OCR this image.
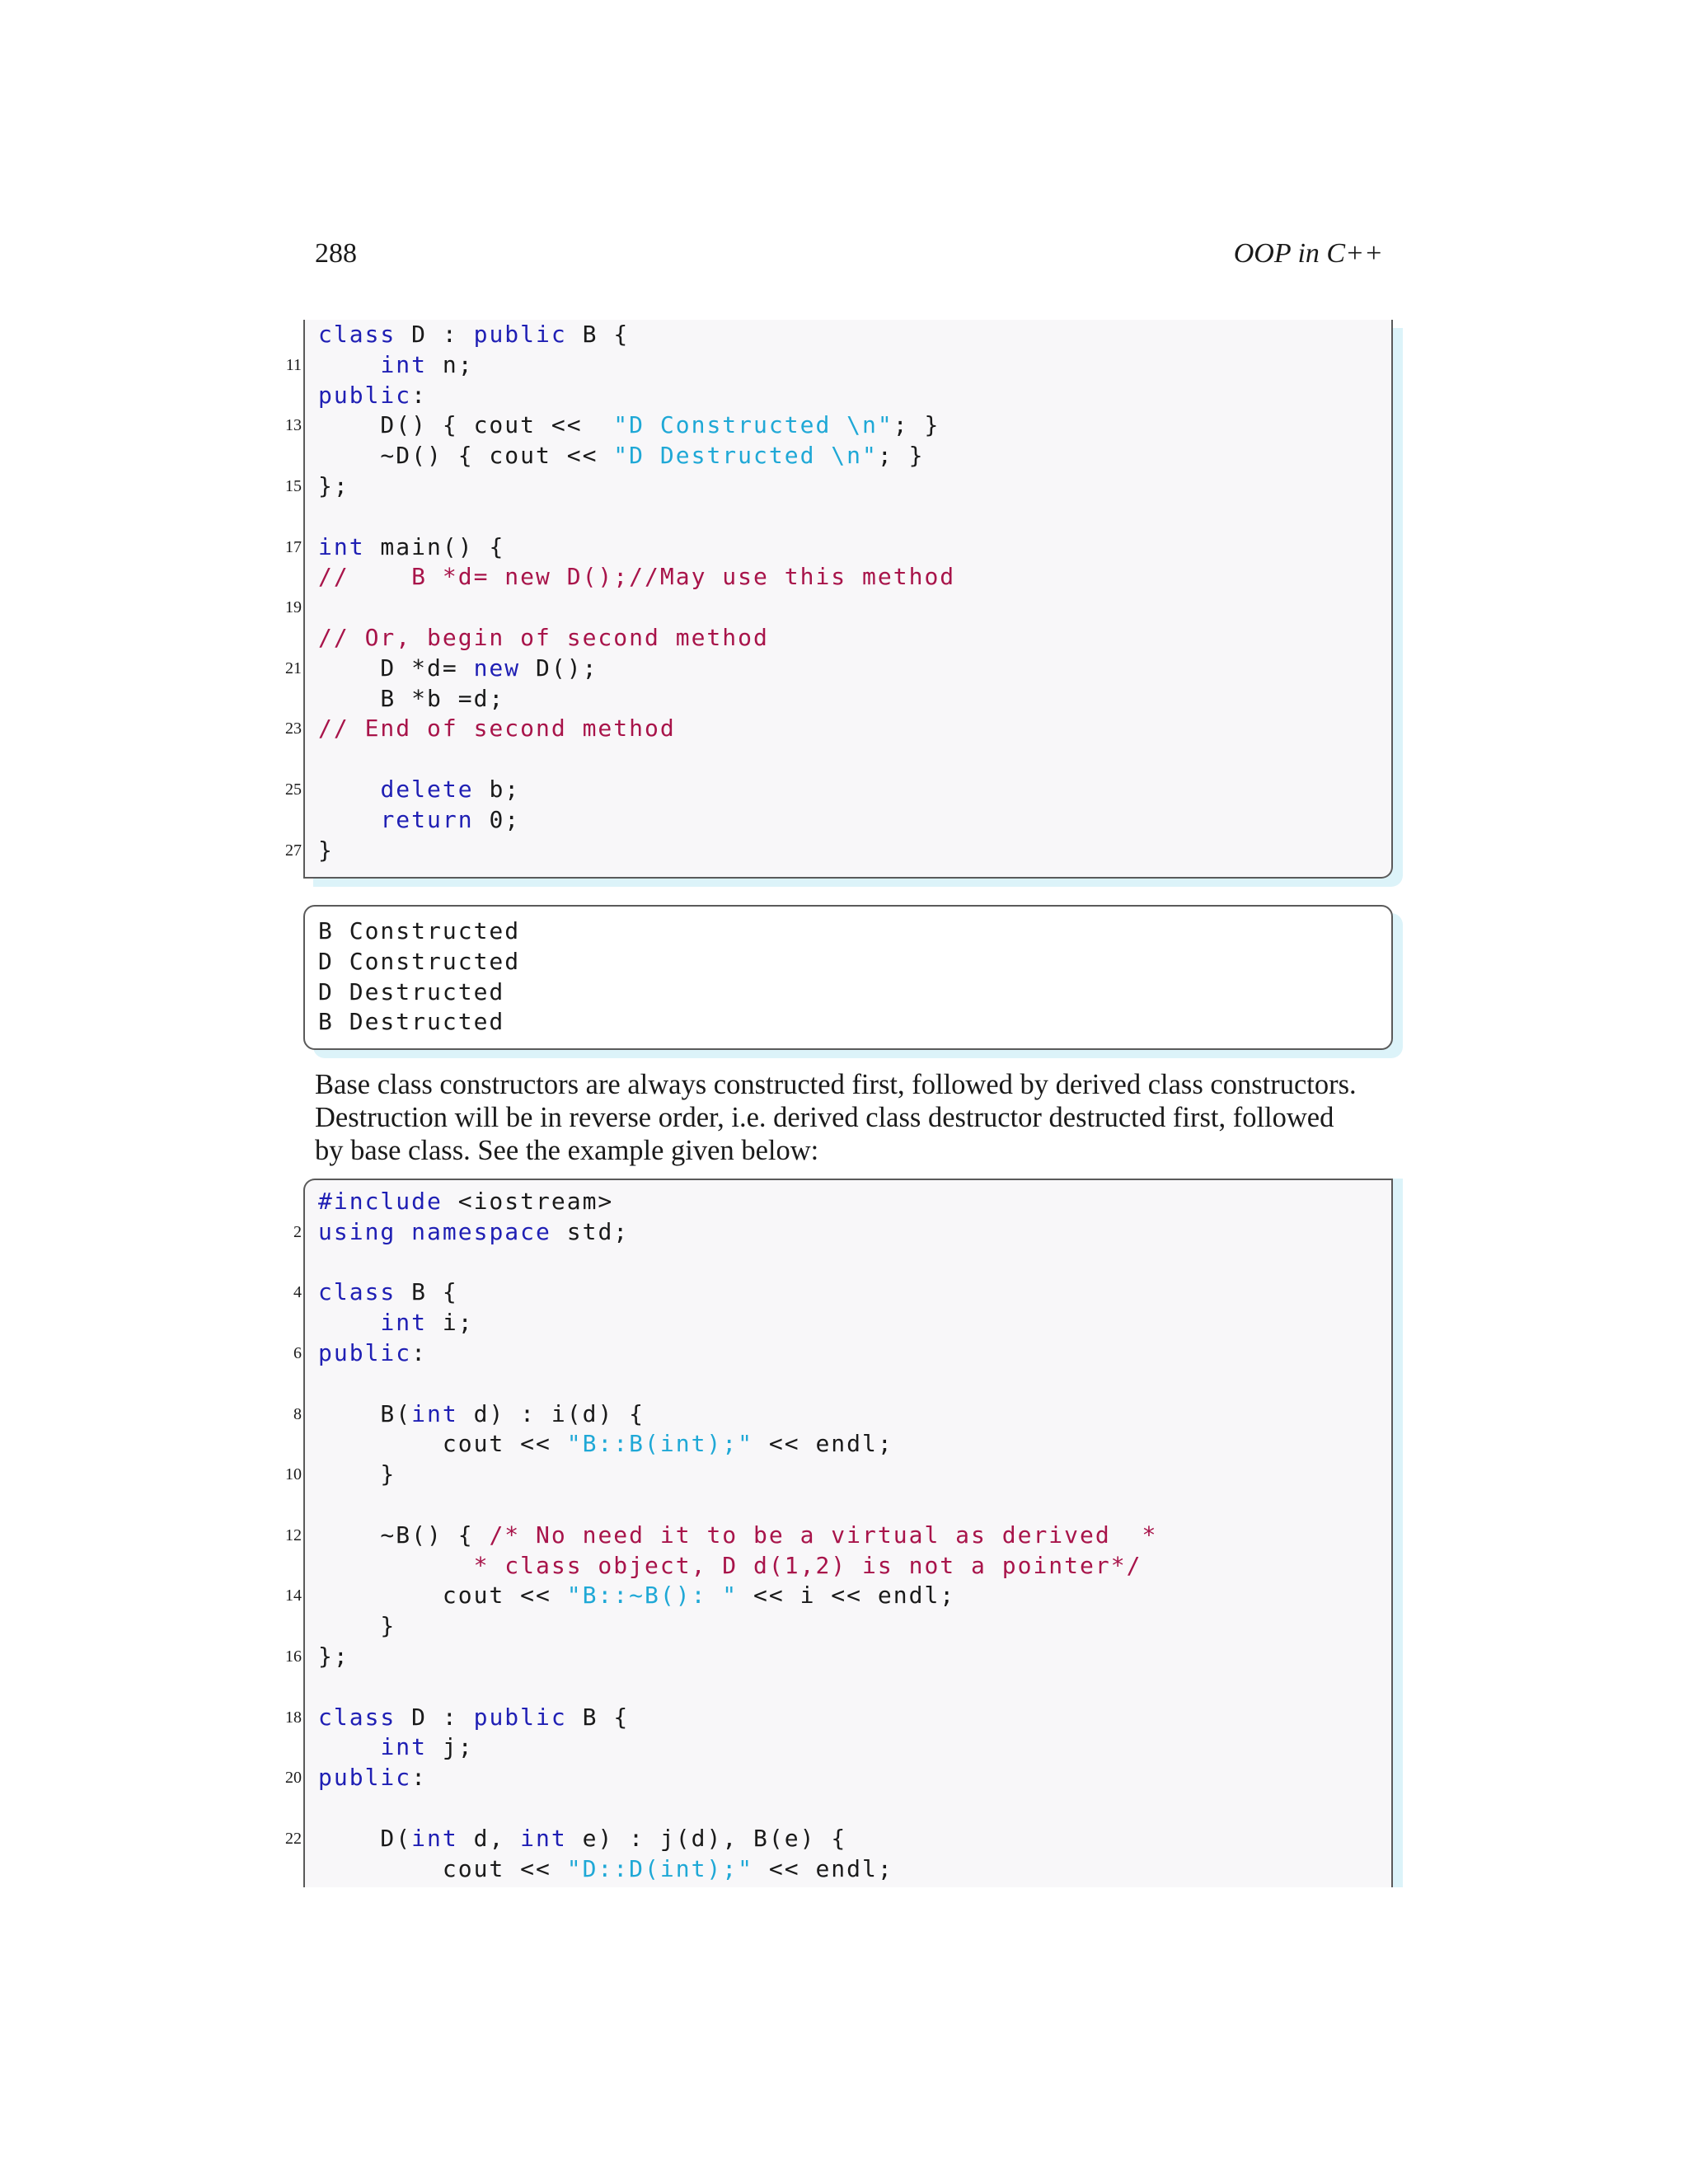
288	OOP in C++
class D : public B {
11	int n;
public:
13 D() { cout <<  "D Constructed \n"; }
~D() { cout << "D Destructed \n"; }
15 };

17 int main() {
//    B *d= new D();//May use this method
19

// Or, begin of second method
21 D *d= new D();
B *b =d;
23 // End of second method

25	delete b;
return 0;
27 }
B Constructed
D Constructed
D Destructed
B Destructed

Base class constructors are always constructed first, followed by derived class constructors.
Destruction will be in reverse order, i.e. derived class destructor destructed first, followed
by base class. See the example given below:

#include <iostream>
2 using namespace std;

4 class B {
int i;
6 public:

8 B(int d) : i(d) {
cout << "B::B(int);" << endl;
10 }

12 ~B() { /* No need it to be a virtual as derived  *
* class object, D d(1,2) is not a pointer*/
14 cout << "B::~B(): " << i << endl;
}
16 };

18 class D : public B {
int j;
20 public:

22 D(int d, int e) : j(d), B(e) {
cout << "D::D(int);" << endl;
